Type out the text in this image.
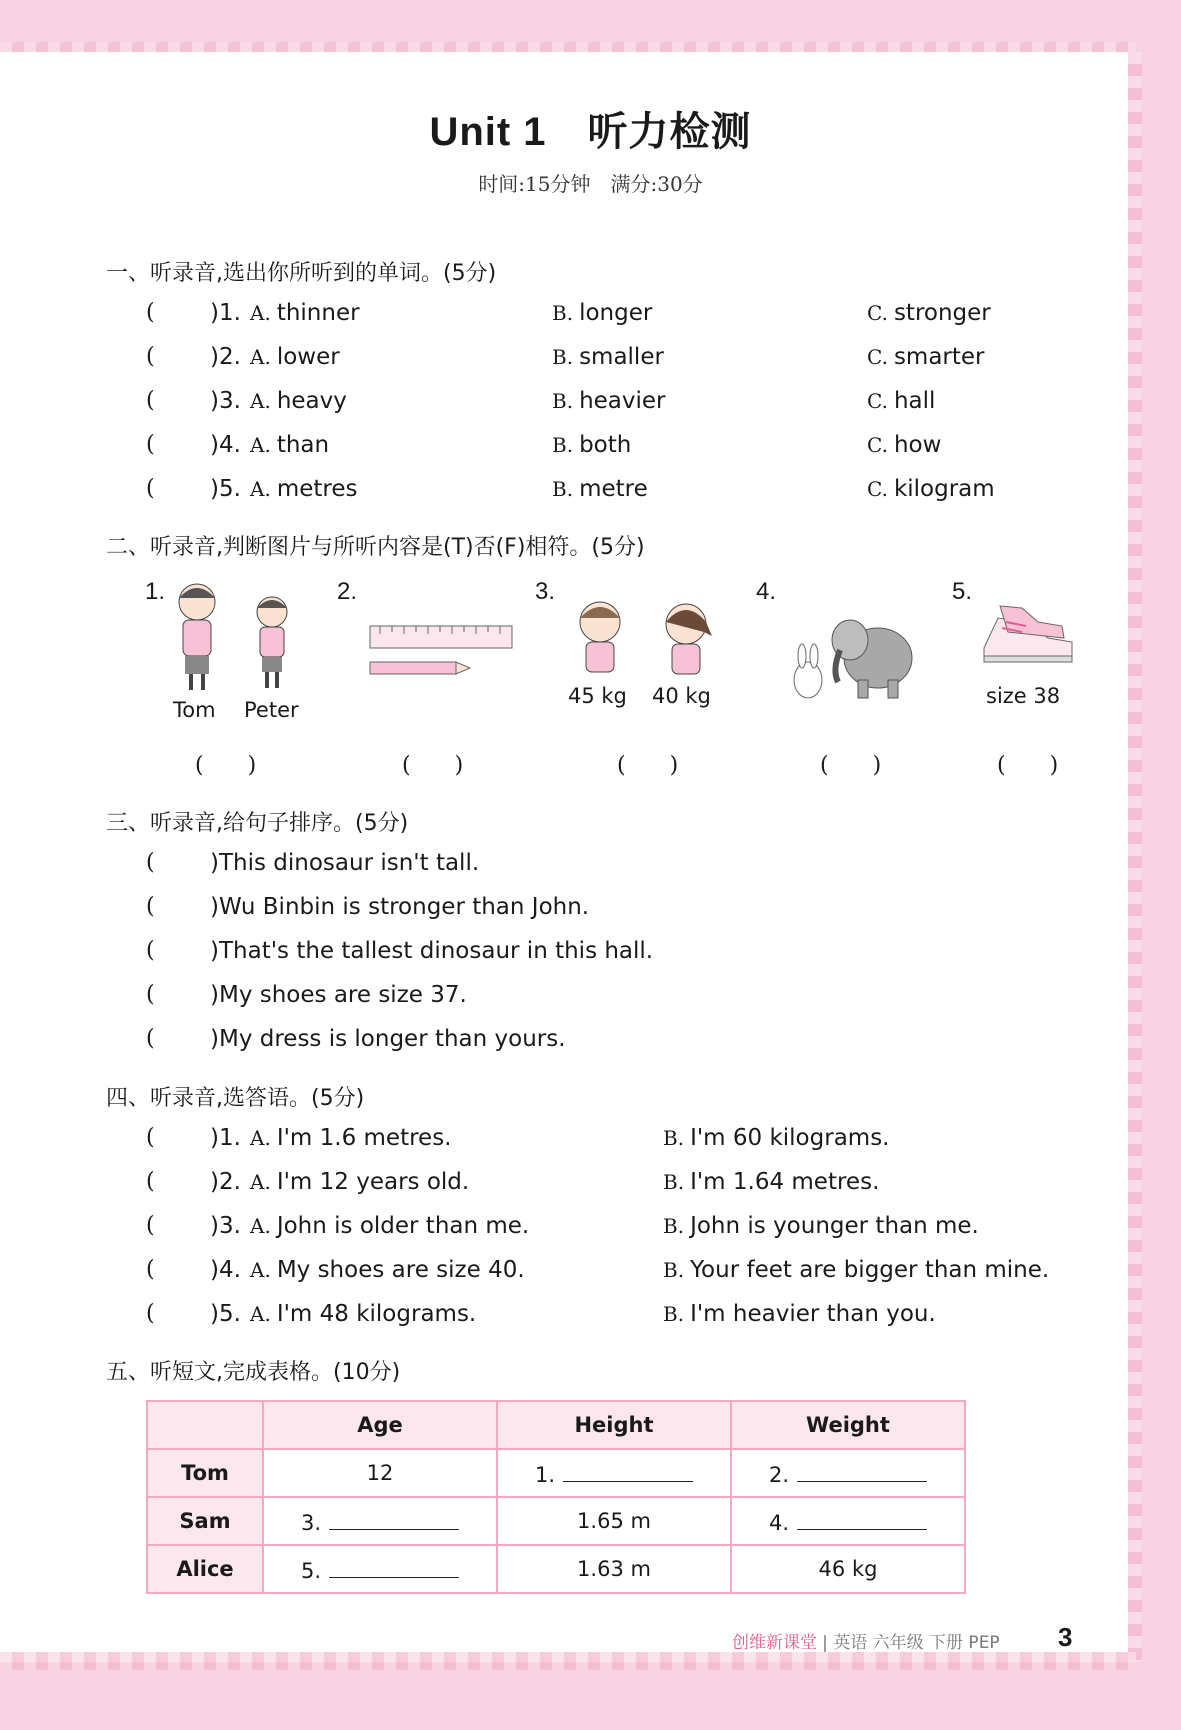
Unit 1　听力检测
时间:15分钟　满分:30分
一、听录音,选出你所听到的单词。(5分)
( )1. A. thinner	B. longer	C. stronger
( )2. A. lower	B. smaller	C. smarter
( )3. A. heavy	B. heavier	C. hall
( )4. A. than	B. both	C. how
( )5. A. metres	B. metre	C. kilogram
二、听录音,判断图片与所听内容是(T)否(F)相符。(5分)
1.	2.	3.	4.	5.
Tom Peter
45 kg 40 kg	size 38
(　　)	(　　)	(　　)	(　　)	(　　)
三、听录音,给句子排序。(5分)
( )This dinosaur isn't tall.
( )Wu Binbin is stronger than John.
( )That's the tallest dinosaur in this hall.
( )My shoes are size 37.
( )My dress is longer than yours.
四、听录音,选答语。(5分)
( )1. A. I'm 1.6 metres.	B. I'm 60 kilograms.
( )2. A. I'm 12 years old.	B. I'm 1.64 metres.
( )3. A. John is older than me.	B. John is younger than me.
( )4. A. My shoes are size 40.	B. Your feet are bigger than mine.
( )5. A. I'm 48 kilograms.	B. I'm heavier than you.
五、听短文,完成表格。(10分)
	Age	Height	Weight
Tom	12	1.	2.
Sam	3.	1.65 m	4.
Alice	5.	1.63 m	46 kg
创维新课堂 | 英语 六年级 下册 PEP 3
